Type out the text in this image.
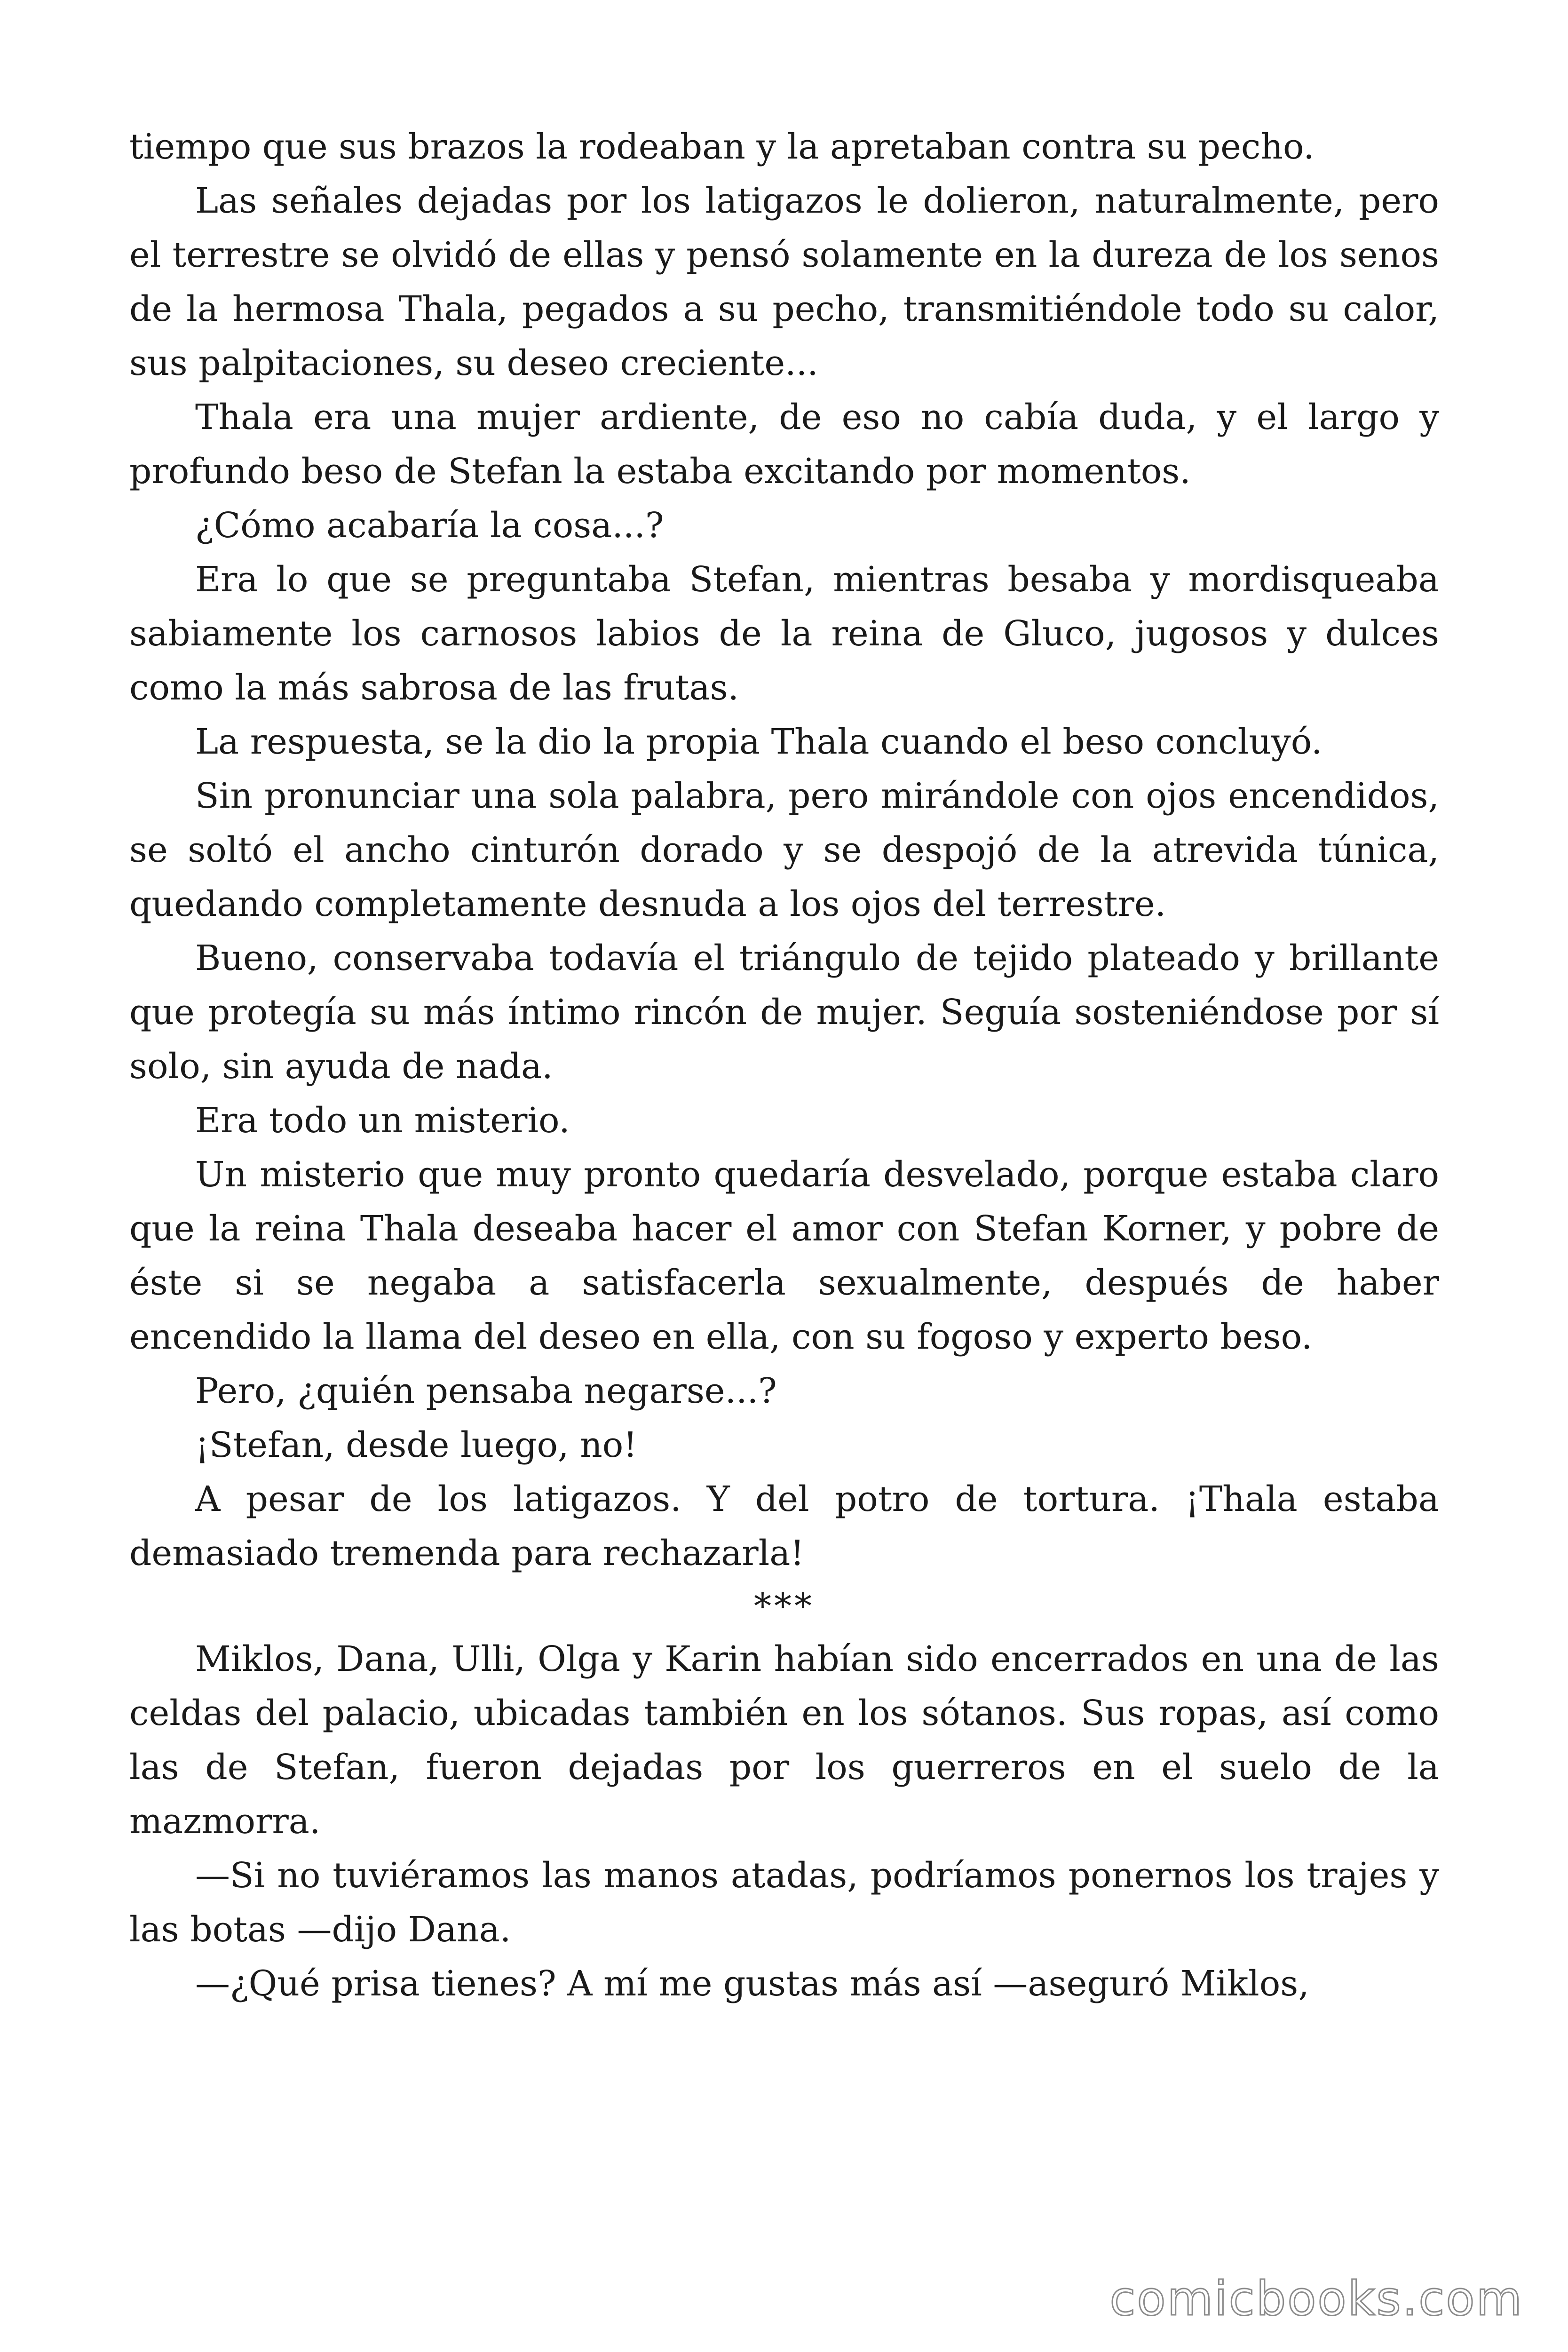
tiempo que sus brazos la rodeaban y la apretaban contra su pecho.

Las señales dejadas por los latigazos le dolieron, naturalmente, pero el terrestre se olvidó de ellas y pensó solamente en la dureza de los senos de la hermosa Thala, pegados a su pecho, transmitiéndole todo su calor, sus palpitaciones, su deseo creciente...

Thala era una mujer ardiente, de eso no cabía duda, y el largo y profundo beso de Stefan la estaba excitando por momentos.

¿Cómo acabaría la cosa...?

Era lo que se preguntaba Stefan, mientras besaba y mordisqueaba sabiamente los carnosos labios de la reina de Gluco, jugosos y dulces como la más sabrosa de las frutas.

La respuesta, se la dio la propia Thala cuando el beso concluyó.

Sin pronunciar una sola palabra, pero mirándole con ojos encendidos, se soltó el ancho cinturón dorado y se despojó de la atrevida túnica, quedando completamente desnuda a los ojos del terrestre.

Bueno, conservaba todavía el triángulo de tejido plateado y brillante que protegía su más íntimo rincón de mujer. Seguía sosteniéndose por sí solo, sin ayuda de nada.

Era todo un misterio.

Un misterio que muy pronto quedaría desvelado, porque estaba claro que la reina Thala deseaba hacer el amor con Stefan Korner, y pobre de éste si se negaba a satisfacerla sexualmente, después de haber encendido la llama del deseo en ella, con su fogoso y experto beso.

Pero, ¿quién pensaba negarse...?

¡Stefan, desde luego, no!

A pesar de los latigazos. Y del potro de tortura. ¡Thala estaba demasiado tremenda para rechazarla!

***

Miklos, Dana, Ulli, Olga y Karin habían sido encerrados en una de las celdas del palacio, ubicadas también en los sótanos. Sus ropas, así como las de Stefan, fueron dejadas por los guerreros en el suelo de la mazmorra.

—Si no tuviéramos las manos atadas, podríamos ponernos los trajes y las botas —dijo Dana.

—¿Qué prisa tienes? A mí me gustas más así —aseguró Miklos,

comicbooks.com
